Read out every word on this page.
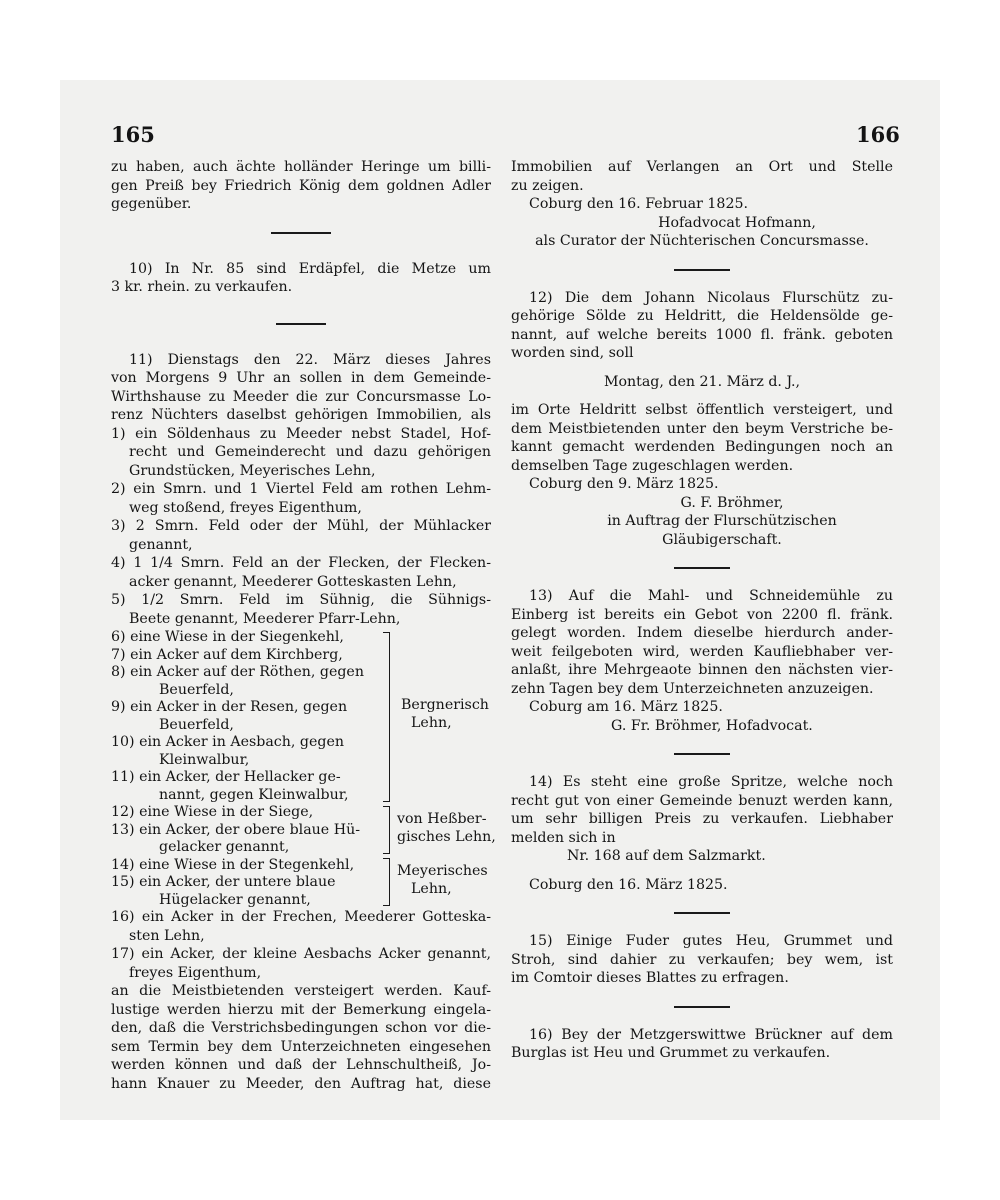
165	166
zu haben, auch ächte holländer Heringe um billi-
gen Preiß bey Friedrich König dem goldnen Adler
gegenüber.
10) In Nr. 85 sind Erdäpfel, die Metze um
3 kr. rhein. zu verkaufen.
11) Dienstags den 22. März dieses Jahres
von Morgens 9 Uhr an sollen in dem Gemeinde-
Wirthshause zu Meeder die zur Concursmasse Lo-
renz Nüchters daselbst gehörigen Immobilien, als
1) ein Söldenhaus zu Meeder nebst Stadel, Hof-
recht und Gemeinderecht und dazu gehörigen
Grundstücken, Meyerisches Lehn,
2) ein Smrn. und 1 Viertel Feld am rothen Lehm-
weg stoßend, freyes Eigenthum,
3) 2 Smrn. Feld oder der Mühl, der Mühlacker
genannt,
4) 1 1/4 Smrn. Feld an der Flecken, der Flecken-
acker genannt, Meederer Gotteskasten Lehn,
5) 1/2 Smrn. Feld im Sühnig, die Sühnigs-
Beete genannt, Meederer Pfarr-Lehn,
6) eine Wiese in der Siegenkehl,
7) ein Acker auf dem Kirchberg,
8) ein Acker auf der Röthen, gegen
Beuerfeld,
9) ein Acker in der Resen, gegen
Beuerfeld,
10) ein Acker in Aesbach, gegen
Kleinwalbur,
11) ein Acker, der Hellacker ge-
nannt, gegen Kleinwalbur,
12) eine Wiese in der Siege,
13) ein Acker, der obere blaue Hü-
gelacker genannt,
14) eine Wiese in der Stegenkehl,
15) ein Acker, der untere blaue
Hügelacker genannt,
Bergnerisch
Lehn,
von Heßber-
gisches Lehn,
Meyerisches
Lehn,
16) ein Acker in der Frechen, Meederer Gotteska-
sten Lehn,
17) ein Acker, der kleine Aesbachs Acker genannt,
freyes Eigenthum,
an die Meistbietenden versteigert werden. Kauf-
lustige werden hierzu mit der Bemerkung eingela-
den, daß die Verstrichsbedingungen schon vor die-
sem Termin bey dem Unterzeichneten eingesehen
werden können und daß der Lehnschultheiß, Jo-
hann Knauer zu Meeder, den Auftrag hat, diese
Immobilien auf Verlangen an Ort und Stelle
zu zeigen.
Coburg den 16. Februar 1825.
Hofadvocat Hofmann,
als Curator der Nüchterischen Concursmasse.
12) Die dem Johann Nicolaus Flurschütz zu-
gehörige Sölde zu Heldritt, die Heldensölde ge-
nannt, auf welche bereits 1000 fl. fränk. geboten
worden sind, soll
Montag, den 21. März d. J.,
im Orte Heldritt selbst öffentlich versteigert, und
dem Meistbietenden unter den beym Verstriche be-
kannt gemacht werdenden Bedingungen noch an
demselben Tage zugeschlagen werden.
Coburg den 9. März 1825.
G. F. Bröhmer,
in Auftrag der Flurschützischen
Gläubigerschaft.
13) Auf die Mahl- und Schneidemühle zu
Einberg ist bereits ein Gebot von 2200 fl. fränk.
gelegt worden. Indem dieselbe hierdurch ander-
weit feilgeboten wird, werden Kaufliebhaber ver-
anlaßt, ihre Mehrgeaote binnen den nächsten vier-
zehn Tagen bey dem Unterzeichneten anzuzeigen.
Coburg am 16. März 1825.
G. Fr. Bröhmer, Hofadvocat.
14) Es steht eine große Spritze, welche noch
recht gut von einer Gemeinde benuzt werden kann,
um sehr billigen Preis zu verkaufen. Liebhaber
melden sich in
Nr. 168 auf dem Salzmarkt.
Coburg den 16. März 1825.
15) Einige Fuder gutes Heu, Grummet und
Stroh, sind dahier zu verkaufen; bey wem, ist
im Comtoir dieses Blattes zu erfragen.
16) Bey der Metzgerswittwe Brückner auf dem
Burglas ist Heu und Grummet zu verkaufen.
